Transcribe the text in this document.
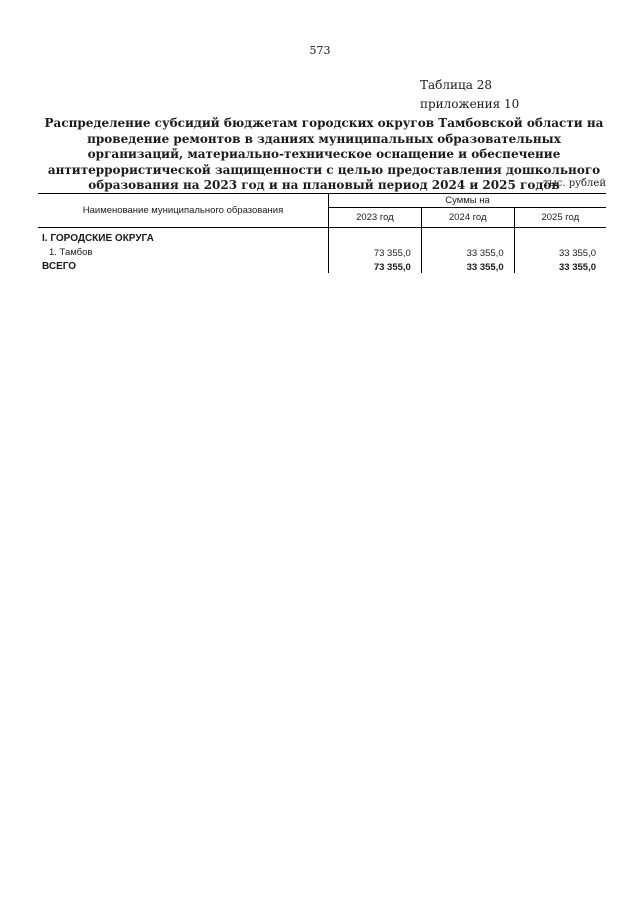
573
Таблица 28
приложения 10
Распределение субсидий бюджетам городских округов Тамбовской области на проведение ремонтов в зданиях муниципальных образовательных организаций, материально-техническое оснащение и обеспечение антитеррористической защищенности с целью предоставления дошкольного образования на 2023 год и на плановый период 2024 и 2025 годов
тыс. рублей
Наименование муниципального образования	Суммы на		
	2023 год	2024 год	2025 год
I. ГОРОДСКИЕ ОКРУГА			
1. Тамбов	73 355,0	33 355,0	33 355,0
ВСЕГО	73 355,0	33 355,0	33 355,0
